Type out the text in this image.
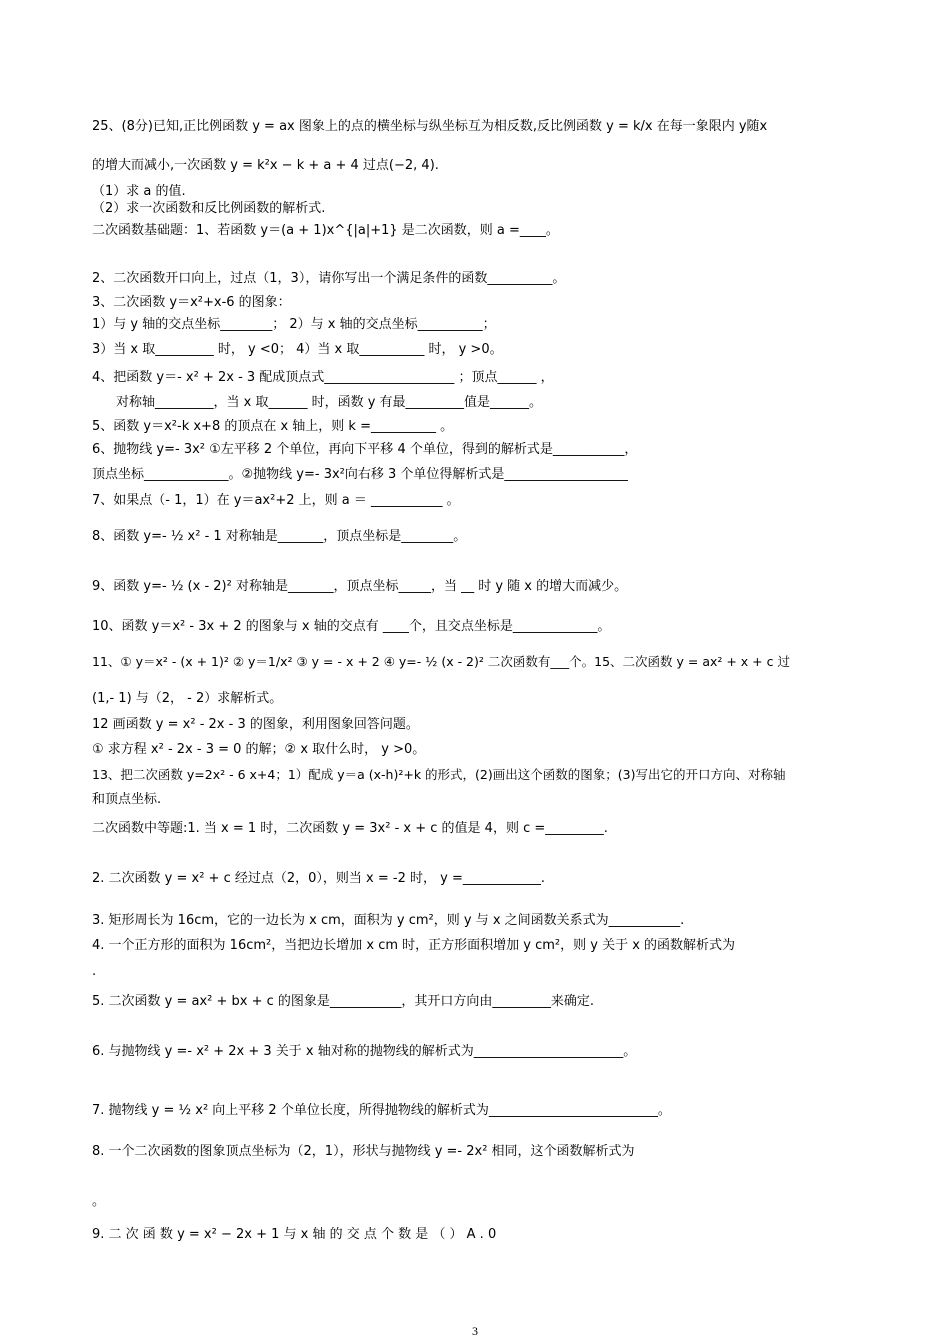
25、(8分)已知,正比例函数 y = ax 图象上的点的横坐标与纵坐标互为相反数,反比例函数 y = k/x 在每一象限内 y随x
的增大而减小,一次函数 y = k²x − k + a + 4 过点(−2, 4).
（1）求 a 的值.
（2）求一次函数和反比例函数的解析式.
二次函数基础题：1、若函数 y＝(a + 1)x^{|a|+1} 是二次函数，则 a =____。
2、二次函数开口向上，过点（1，3），请你写出一个满足条件的函数__________。
3、二次函数 y＝x²+x-6 的图象：
1）与 y 轴的交点坐标________； 2）与 x 轴的交点坐标__________；
3）当 x 取_________ 时， y <0； 4）当 x 取__________ 时， y >0。
4、把函数 y＝- x² + 2x - 3 配成顶点式____________________ ；顶点______ ，
对称轴_________，当 x 取______ 时，函数 y 有最_________值是______。
5、函数 y＝x²-k x+8 的顶点在 x 轴上，则 k =__________ 。
6、抛物线 y=- 3x² ①左平移 2 个单位，再向下平移 4 个单位，得到的解析式是___________，
顶点坐标_____________。②抛物线 y=- 3x²向右移 3 个单位得解析式是___________________
7、如果点（- 1，1）在 y＝ax²+2 上，则 a ＝ ___________ 。
8、函数 y=- ½ x² - 1 对称轴是_______，顶点坐标是________。
9、函数 y=- ½ (x - 2)² 对称轴是_______，顶点坐标_____，当 __ 时 y 随 x 的增大而减少。
10、函数 y＝x² - 3x + 2 的图象与 x 轴的交点有 ____个，且交点坐标是_____________。
11、① y＝x² - (x + 1)² ② y＝1/x² ③ y = - x + 2 ④ y=- ½ (x - 2)² 二次函数有___个。15、二次函数 y = ax² + x + c 过
(1,- 1) 与（2， - 2）求解析式。
12 画函数 y = x² - 2x - 3 的图象，利用图象回答问题。
① 求方程 x² - 2x - 3 = 0 的解；② x 取什么时， y >0。
13、把二次函数 y=2x² - 6 x+4；1）配成 y＝a (x-h)²+k 的形式，(2)画出这个函数的图象；(3)写出它的开口方向、对称轴
和顶点坐标.
二次函数中等题:1. 当 x = 1 时，二次函数 y = 3x² - x + c 的值是 4，则 c =_________.
2. 二次函数 y = x² + c 经过点（2，0），则当 x = -2 时， y =____________.
3. 矩形周长为 16cm，它的一边长为 x cm，面积为 y cm²，则 y 与 x 之间函数关系式为___________.
4. 一个正方形的面积为 16cm²，当把边长增加 x cm 时，正方形面积增加 y cm²，则 y 关于 x 的函数解析式为
.
5. 二次函数 y = ax² + bx + c 的图象是___________，其开口方向由_________来确定.
6. 与抛物线 y =- x² + 2x + 3 关于 x 轴对称的抛物线的解析式为_______________________。
7. 抛物线 y = ½ x² 向上平移 2 个单位长度，所得抛物线的解析式为__________________________。
8. 一个二次函数的图象顶点坐标为（2，1），形状与抛物线 y =- 2x² 相同，这个函数解析式为
。
9. 二 次 函 数 y = x² − 2x + 1 与 x 轴 的 交 点 个 数 是 （ ） A . 0
3
